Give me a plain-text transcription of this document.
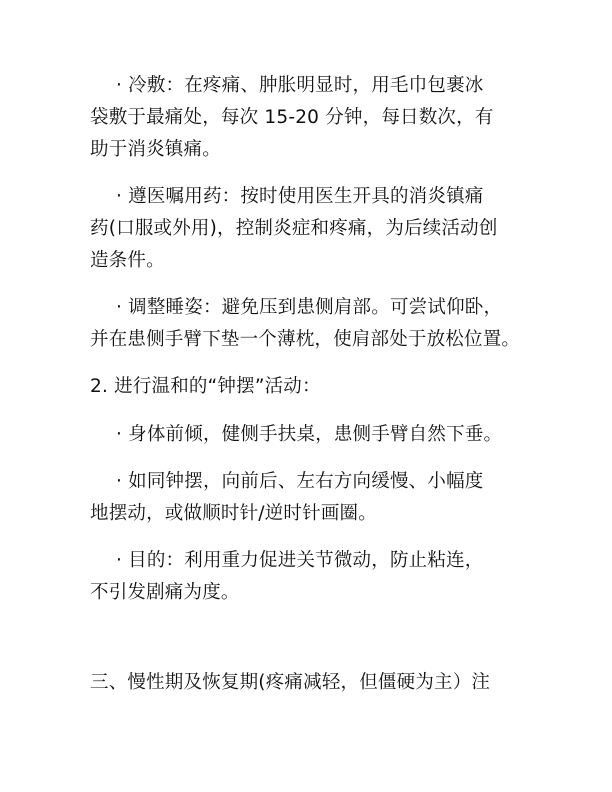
· 冷敷：在疼痛、肿胀明显时，用毛巾包裹冰
袋敷于最痛处，每次 15-20 分钟，每日数次，有
助于消炎镇痛。
· 遵医嘱用药：按时使用医生开具的消炎镇痛
药(口服或外用)，控制炎症和疼痛，为后续活动创
造条件。
· 调整睡姿：避免压到患侧肩部。可尝试仰卧，
并在患侧手臂下垫一个薄枕，使肩部处于放松位置。
2. 进行温和的“钟摆”活动：
· 身体前倾，健侧手扶桌，患侧手臂自然下垂。
· 如同钟摆，向前后、左右方向缓慢、小幅度
地摆动，或做顺时针/逆时针画圈。
· 目的：利用重力促进关节微动，防止粘连，
不引发剧痛为度。
三、慢性期及恢复期(疼痛减轻，但僵硬为主）注
